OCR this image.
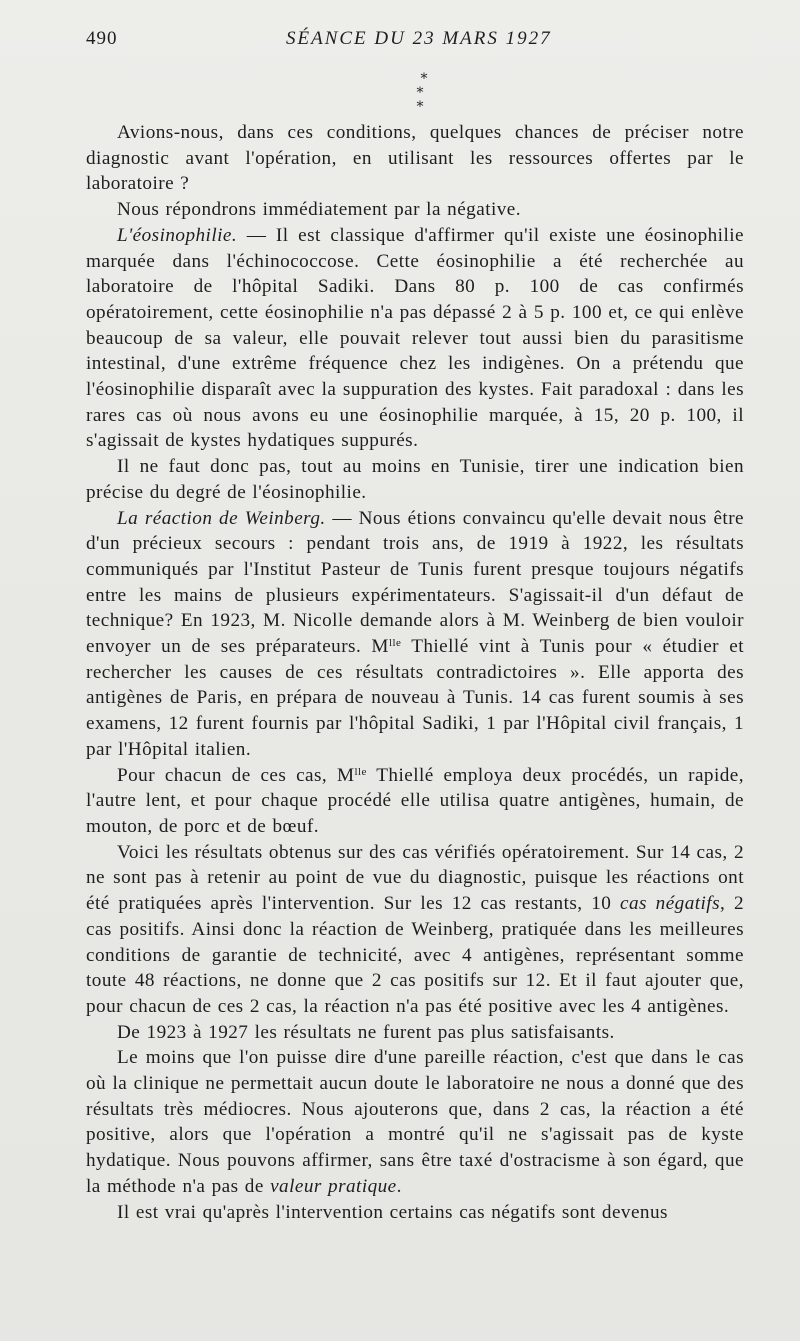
490	SÉANCE DU 23 MARS 1927
*
* *

Avions-nous, dans ces conditions, quelques chances de préciser notre diagnostic avant l'opération, en utilisant les ressources offertes par le laboratoire ?

Nous répondrons immédiatement par la négative.

L'éosinophilie. — Il est classique d'affirmer qu'il existe une éosinophilie marquée dans l'échinococcose. Cette éosinophilie a été recherchée au laboratoire de l'hôpital Sadiki. Dans 80 p. 100 de cas confirmés opératoirement, cette éosinophilie n'a pas dépassé 2 à 5 p. 100 et, ce qui enlève beaucoup de sa valeur, elle pouvait relever tout aussi bien du parasitisme intestinal, d'une extrême fréquence chez les indigènes. On a prétendu que l'éosinophilie disparaît avec la suppuration des kystes. Fait paradoxal : dans les rares cas où nous avons eu une éosinophilie marquée, à 15, 20 p. 100, il s'agissait de kystes hydatiques suppurés.

Il ne faut donc pas, tout au moins en Tunisie, tirer une indication bien précise du degré de l'éosinophilie.

La réaction de Weinberg. — Nous étions convaincu qu'elle devait nous être d'un précieux secours : pendant trois ans, de 1919 à 1922, les résultats communiqués par l'Institut Pasteur de Tunis furent presque toujours négatifs entre les mains de plusieurs expérimentateurs. S'agissait-il d'un défaut de technique? En 1923, M. Nicolle demande alors à M. Weinberg de bien vouloir envoyer un de ses préparateurs. $M^{lle}$ Thiellé vint à Tunis pour « étudier et rechercher les causes de ces résultats contradictoires ». Elle apporta des antigènes de Paris, en prépara de nouveau à Tunis. 14 cas furent soumis à ses examens, 12 furent fournis par l'hôpital Sadiki, 1 par l'Hôpital civil français, 1 par l'Hôpital italien.

Pour chacun de ces cas, $M^{lle}$ Thiellé employa deux procédés, un rapide, l'autre lent, et pour chaque procédé elle utilisa quatre antigènes, humain, de mouton, de porc et de bœuf.

Voici les résultats obtenus sur des cas vérifiés opératoirement. Sur 14 cas, 2 ne sont pas à retenir au point de vue du diagnostic, puisque les réactions ont été pratiquées après l'intervention. Sur les 12 cas restants, 10 cas négatifs, 2 cas positifs. Ainsi donc la réaction de Weinberg, pratiquée dans les meilleures conditions de garantie de technicité, avec 4 antigènes, représentant somme toute 48 réactions, ne donne que 2 cas positifs sur 12. Et il faut ajouter que, pour chacun de ces 2 cas, la réaction n'a pas été positive avec les 4 antigènes.

De 1923 à 1927 les résultats ne furent pas plus satisfaisants.

Le moins que l'on puisse dire d'une pareille réaction, c'est que dans le cas où la clinique ne permettait aucun doute le laboratoire ne nous a donné que des résultats très médiocres. Nous ajouterons que, dans 2 cas, la réaction a été positive, alors que l'opération a montré qu'il ne s'agissait pas de kyste hydatique. Nous pouvons affirmer, sans être taxé d'ostracisme à son égard, que la méthode n'a pas de valeur pratique.

Il est vrai qu'après l'intervention certains cas négatifs sont devenus
